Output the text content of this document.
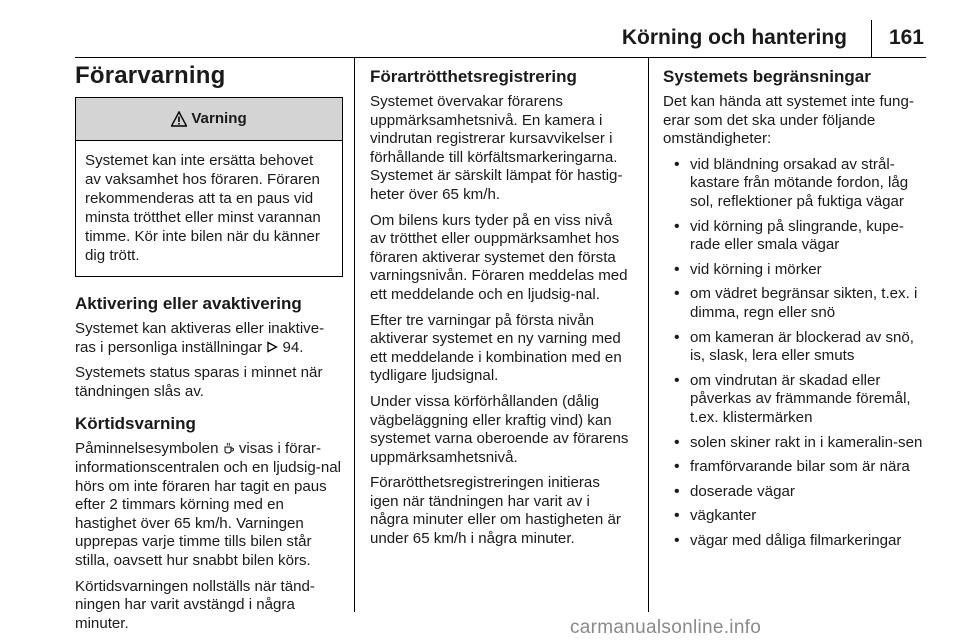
Körning och hantering 161
Förarvarning
Varning
Systemet kan inte ersätta behovet av vaksamhet hos föraren. Föraren rekommenderas att ta en paus vid minsta trötthet eller minst varannan timme. Kör inte bilen när du känner dig trött.
Aktivering eller avaktivering

Systemet kan aktiveras eller inaktive-ras i personliga inställningar 94.

Systemets status sparas i minnet när tändningen slås av.

Körtidsvarning

Påminnelsesymbolen visas i förar-informationscentralen och en ljudsig-nal hörs om inte föraren har tagit en paus efter 2 timmars körning med en hastighet över 65 km/h. Varningen upprepas varje timme tills bilen står stilla, oavsett hur snabbt bilen körs.

Körtidsvarningen nollställs när tänd-ningen har varit avstängd i några minuter.

Förartrötthetsregistrering

Systemet övervakar förarens uppmärksamhetsnivå. En kamera i vindrutan registrerar kursavvikelser i förhållande till körfältsmarkeringarna. Systemet är särskilt lämpat för hastig-heter över 65 km/h.

Om bilens kurs tyder på en viss nivå av trötthet eller ouppmärksamhet hos föraren aktiverar systemet den första varningsnivån. Föraren meddelas med ett meddelande och en ljudsig-nal.

Efter tre varningar på första nivån aktiverar systemet en ny varning med ett meddelande i kombination med en tydligare ljudsignal.

Under vissa körförhållanden (dålig vägbeläggning eller kraftig vind) kan systemet varna oberoende av förarens uppmärksamhetsnivå.

Förarötthetsregistreringen initieras igen när tändningen har varit av i några minuter eller om hastigheten är under 65 km/h i några minuter.

Systemets begränsningar

Det kan hända att systemet inte fung-erar som det ska under följande omständigheter:

• vid bländning orsakad av strål-kastare från mötande fordon, låg sol, reflektioner på fuktiga vägar
• vid körning på slingrande, kupe-rade eller smala vägar
• vid körning i mörker
• om vädret begränsar sikten, t.ex. i dimma, regn eller snö
• om kameran är blockerad av snö, is, slask, lera eller smuts
• om vindrutan är skadad eller påverkas av främmande föremål, t.ex. klistermärken
• solen skiner rakt in i kameralin-sen
• framförvarande bilar som är nära
• doserade vägar
• vägkanter
• vägar med dåliga filmarkeringar
carmanualsonline.info
